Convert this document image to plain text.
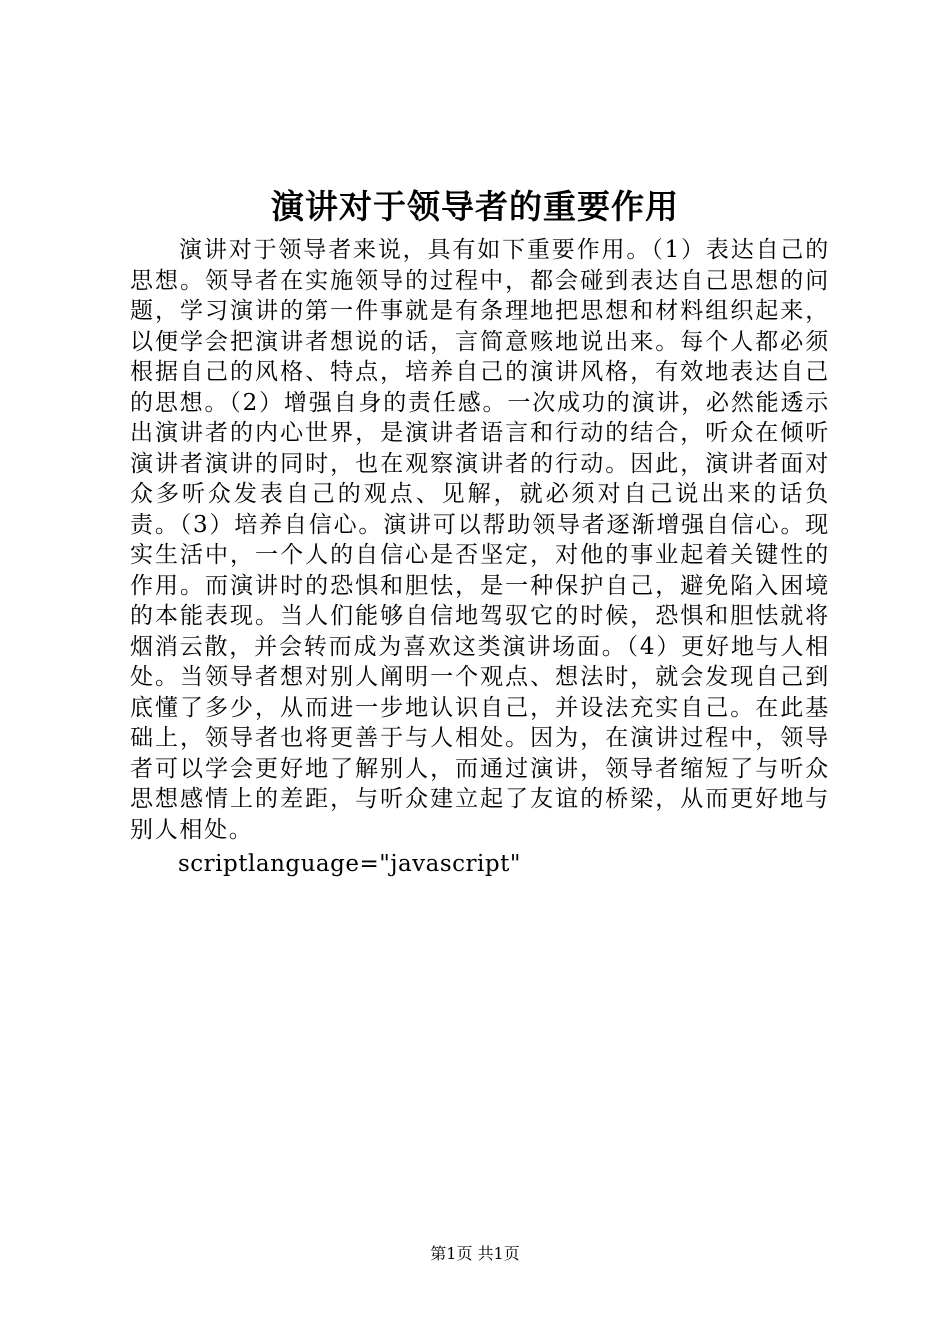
演讲对于领导者的重要作用

演讲对于领导者来说，具有如下重要作用。（1）表达自己的思想。领导者在实施领导的过程中，都会碰到表达自己思想的问题，学习演讲的第一件事就是有条理地把思想和材料组织起来，以便学会把演讲者想说的话，言简意赅地说出来。每个人都必须根据自己的风格、特点，培养自己的演讲风格，有效地表达自己的思想。（2）增强自身的责任感。一次成功的演讲，必然能透示出演讲者的内心世界，是演讲者语言和行动的结合，听众在倾听演讲者演讲的同时，也在观察演讲者的行动。因此，演讲者面对众多听众发表自己的观点、见解，就必须对自己说出来的话负责。（3）培养自信心。演讲可以帮助领导者逐渐增强自信心。现实生活中，一个人的自信心是否坚定，对他的事业起着关键性的作用。而演讲时的恐惧和胆怯，是一种保护自己，避免陷入困境的本能表现。当人们能够自信地驾驭它的时候，恐惧和胆怯就将烟消云散，并会转而成为喜欢这类演讲场面。（4）更好地与人相处。当领导者想对别人阐明一个观点、想法时，就会发现自己到底懂了多少，从而进一步地认识自己，并设法充实自己。在此基础上，领导者也将更善于与人相处。因为，在演讲过程中，领导者可以学会更好地了解别人，而通过演讲，领导者缩短了与听众思想感情上的差距，与听众建立起了友谊的桥梁，从而更好地与别人相处。

scriptlanguage="javascript"

第1页 共1页
